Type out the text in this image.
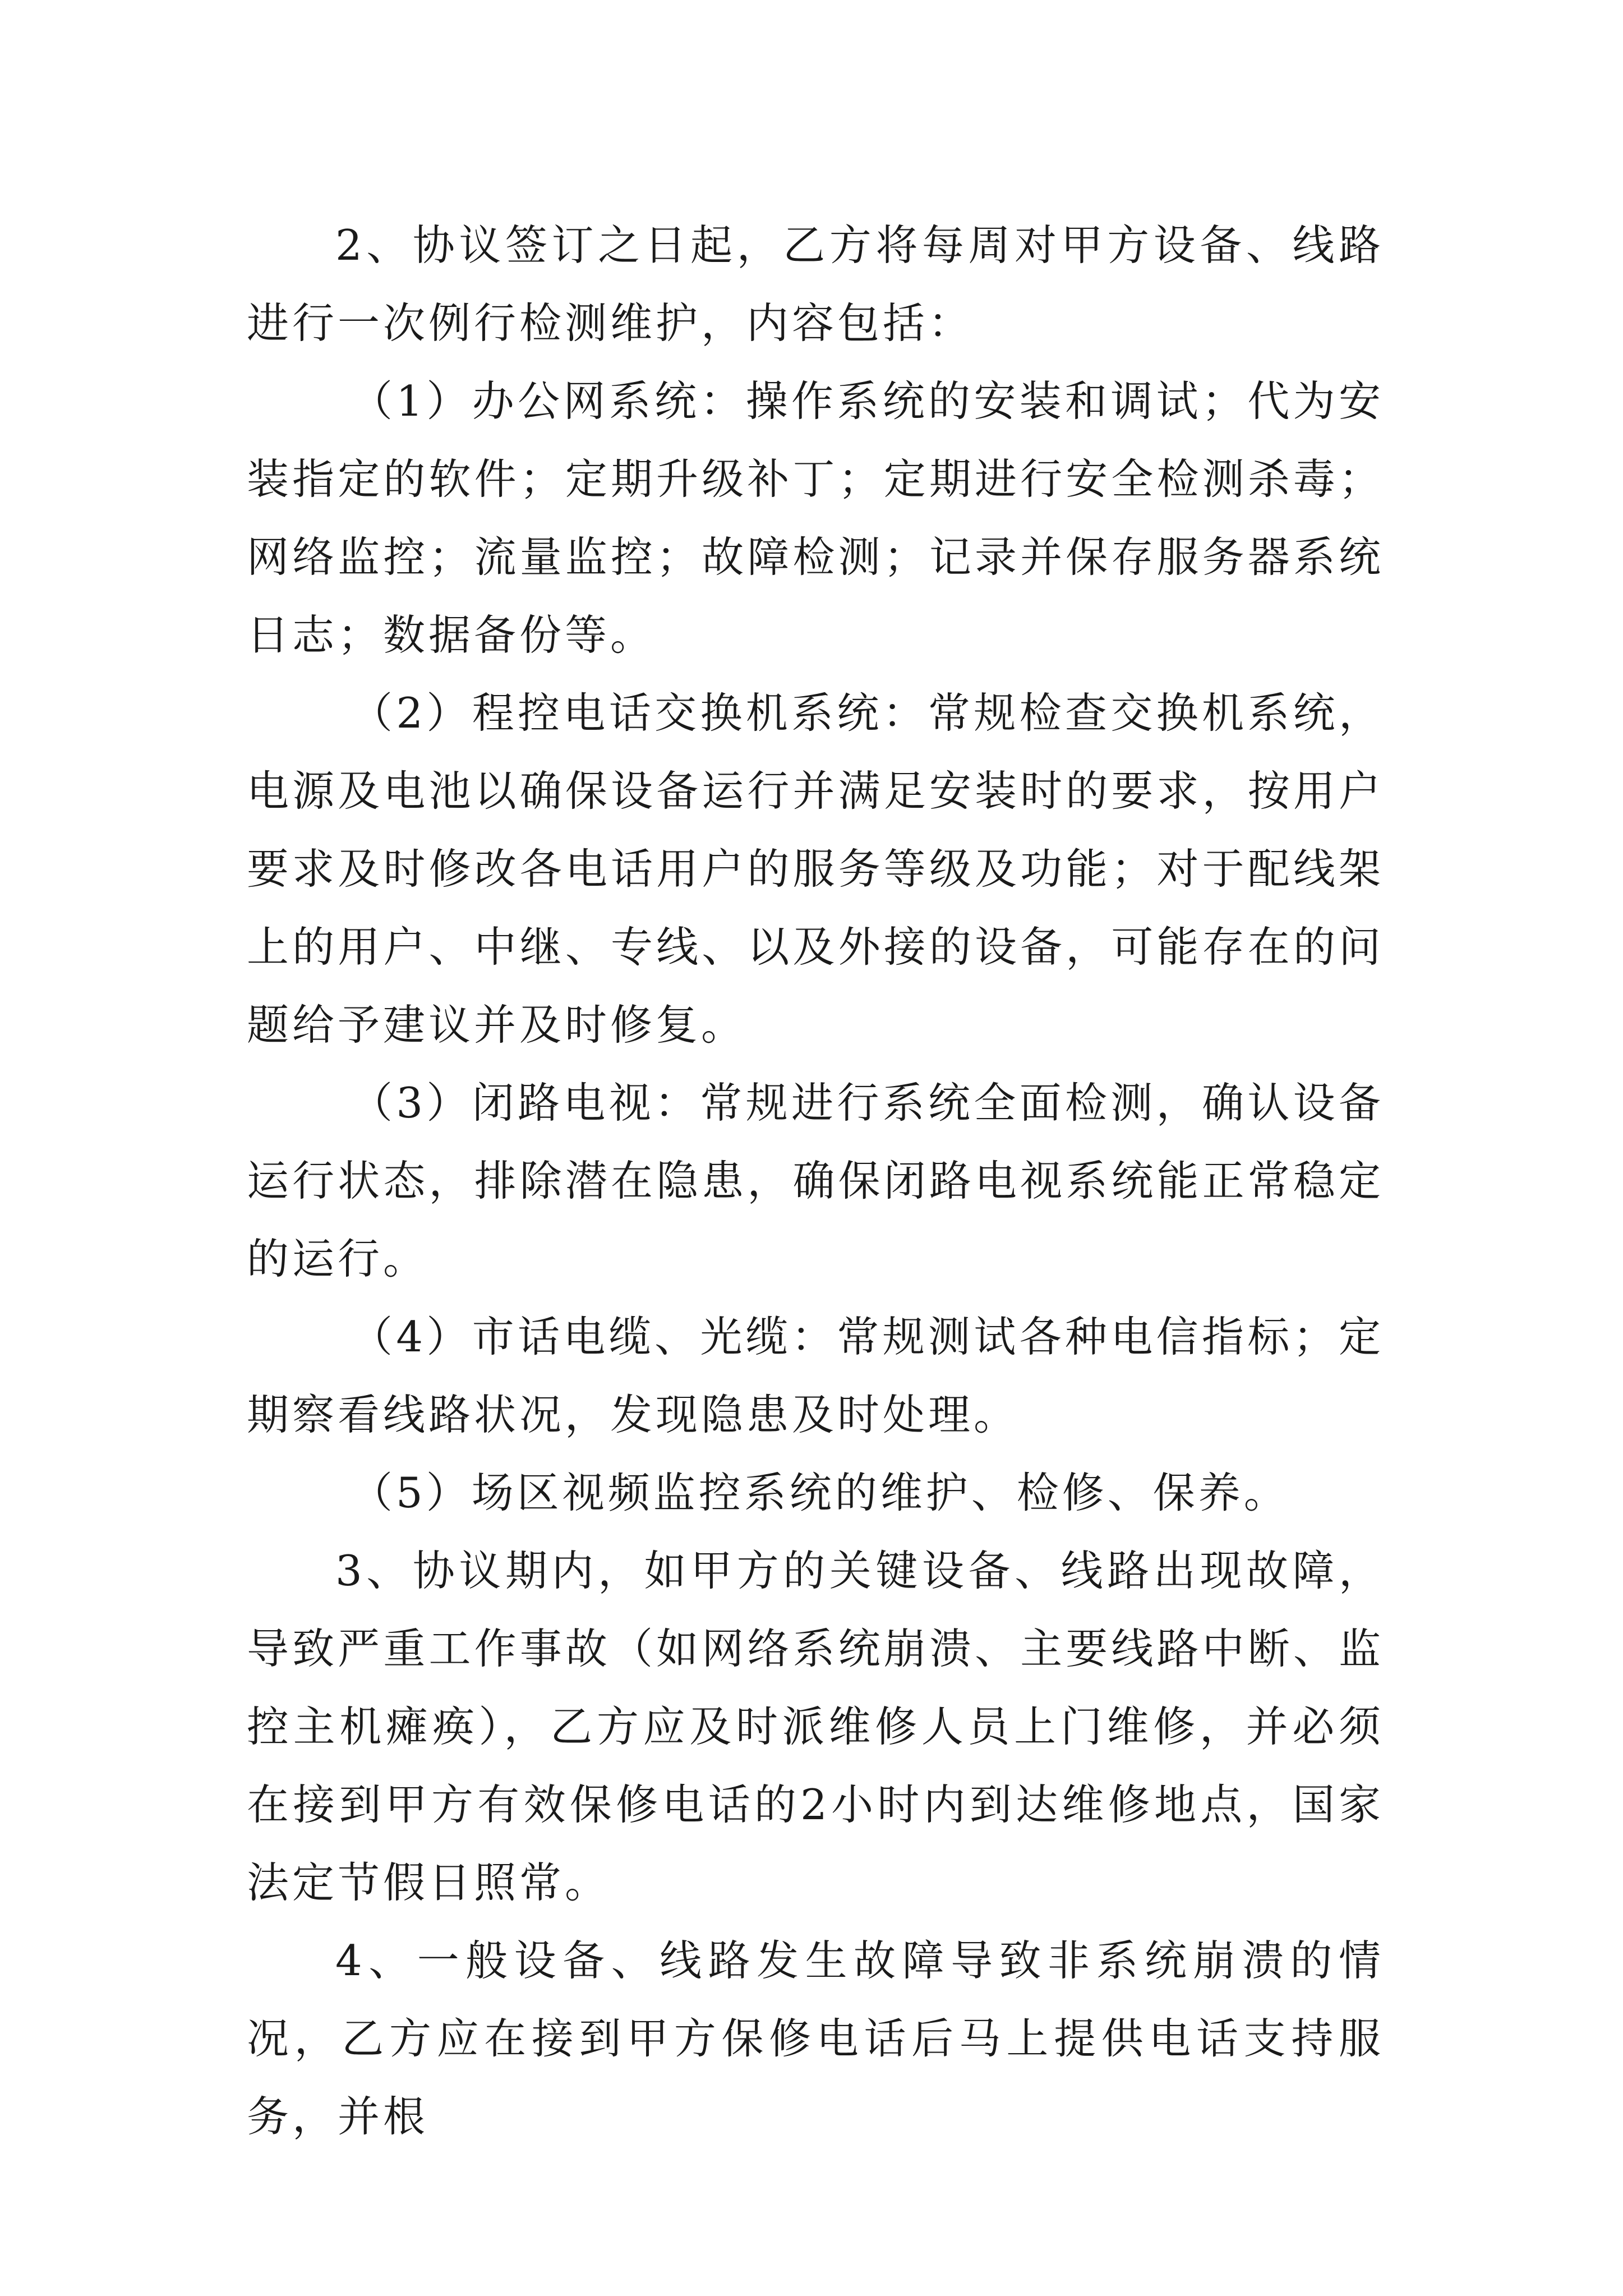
2、协议签订之日起，乙方将每周对甲方设备、线路进行一次例行检测维护，内容包括：

（1）办公网系统：操作系统的安装和调试；代为安装指定的软件；定期升级补丁；定期进行安全检测杀毒；网络监控；流量监控；故障检测；记录并保存服务器系统日志；数据备份等。

（2）程控电话交换机系统：常规检查交换机系统，电源及电池以确保设备运行并满足安装时的要求，按用户要求及时修改各电话用户的服务等级及功能；对于配线架上的用户、中继、专线、以及外接的设备，可能存在的问题给予建议并及时修复。

（3）闭路电视：常规进行系统全面检测，确认设备运行状态，排除潜在隐患，确保闭路电视系统能正常稳定的运行。

（4）市话电缆、光缆：常规测试各种电信指标；定期察看线路状况，发现隐患及时处理。

（5）场区视频监控系统的维护、检修、保养。

3、协议期内，如甲方的关键设备、线路出现故障，导致严重工作事故（如网络系统崩溃、主要线路中断、监控主机瘫痪），乙方应及时派维修人员上门维修，并必须在接到甲方有效保修电话的2小时内到达维修地点，国家法定节假日照常。

4、一般设备、线路发生故障导致非系统崩溃的情况，乙方应在接到甲方保修电话后马上提供电话支持服务，并根
